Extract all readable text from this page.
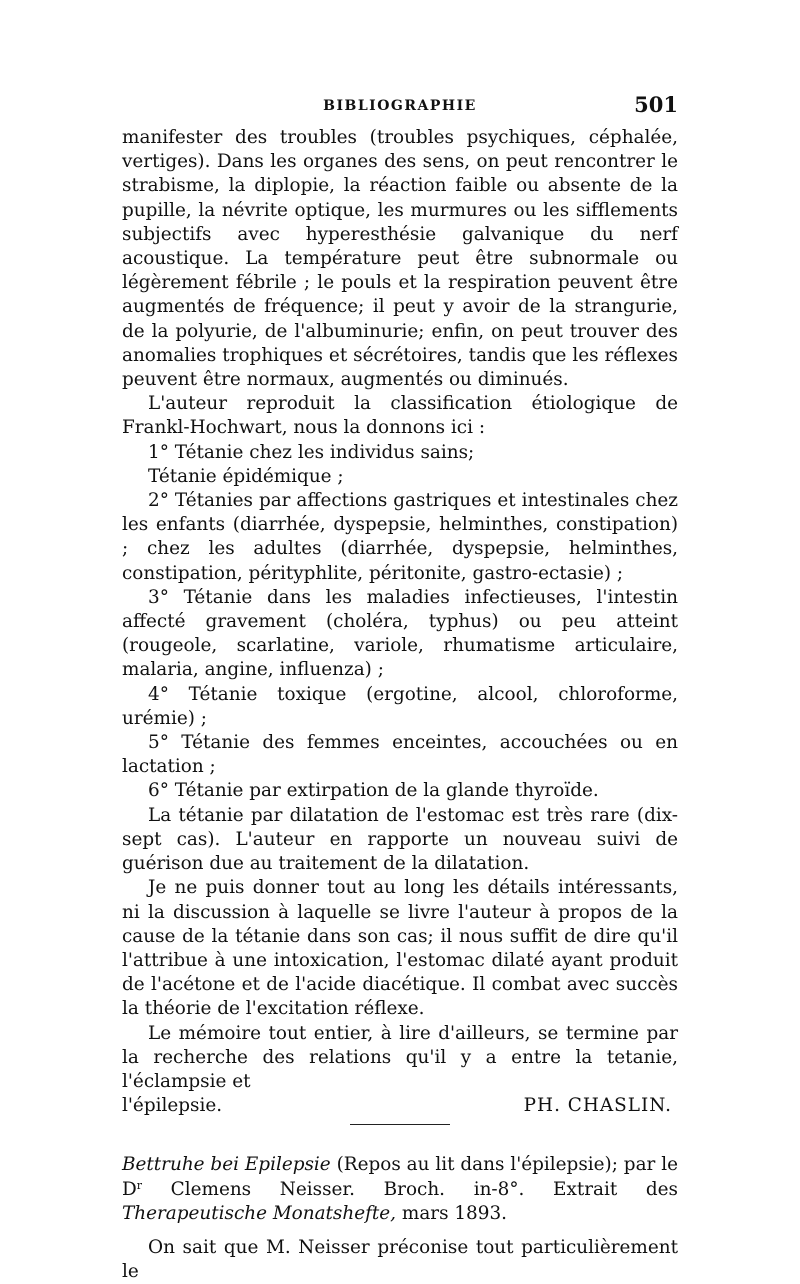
BIBLIOGRAPHIE	501

manifester des troubles (troubles psychiques, céphalée, vertiges). Dans les organes des sens, on peut rencontrer le strabisme, la diplopie, la réaction faible ou absente de la pupille, la névrite optique, les murmures ou les sifflements subjectifs avec hyperesthésie galvanique du nerf acoustique. La température peut être subnormale ou légèrement fébrile ; le pouls et la respiration peuvent être augmentés de fréquence; il peut y avoir de la strangurie, de la polyurie, de l'albuminurie; enfin, on peut trouver des anomalies trophiques et sécrétoires, tandis que les réflexes peuvent être normaux, augmentés ou diminués.

L'auteur reproduit la classification étiologique de Frankl-Hochwart, nous la donnons ici :

1° Tétanie chez les individus sains;

Tétanie épidémique ;

2° Tétanies par affections gastriques et intestinales chez les enfants (diarrhée, dyspepsie, helminthes, constipation) ; chez les adultes (diarrhée, dyspepsie, helminthes, constipation, pérityphlite, péritonite, gastro-ectasie) ;

3° Tétanie dans les maladies infectieuses, l'intestin affecté gravement (choléra, typhus) ou peu atteint (rougeole, scarlatine, variole, rhumatisme articulaire, malaria, angine, influenza) ;

4° Tétanie toxique (ergotine, alcool, chloroforme, urémie) ;

5° Tétanie des femmes enceintes, accouchées ou en lactation ;

6° Tétanie par extirpation de la glande thyroïde.

La tétanie par dilatation de l'estomac est très rare (dix-sept cas). L'auteur en rapporte un nouveau suivi de guérison due au traitement de la dilatation.

Je ne puis donner tout au long les détails intéressants, ni la discussion à laquelle se livre l'auteur à propos de la cause de la tétanie dans son cas; il nous suffit de dire qu'il l'attribue à une intoxication, l'estomac dilaté ayant produit de l'acétone et de l'acide diacétique. Il combat avec succès la théorie de l'excitation réflexe.

Le mémoire tout entier, à lire d'ailleurs, se termine par la recherche des relations qu'il y a entre la tetanie, l'éclampsie et

l'épilepsie.	PH. CHASLIN.

Bettruhe bei Epilepsie (Repos au lit dans l'épilepsie); par le $D^r$ Clemens Neisser. Broch. in-8°. Extrait des Therapeutische Monatshefte, mars 1893.

On sait que M. Neisser préconise tout particulièrement le
